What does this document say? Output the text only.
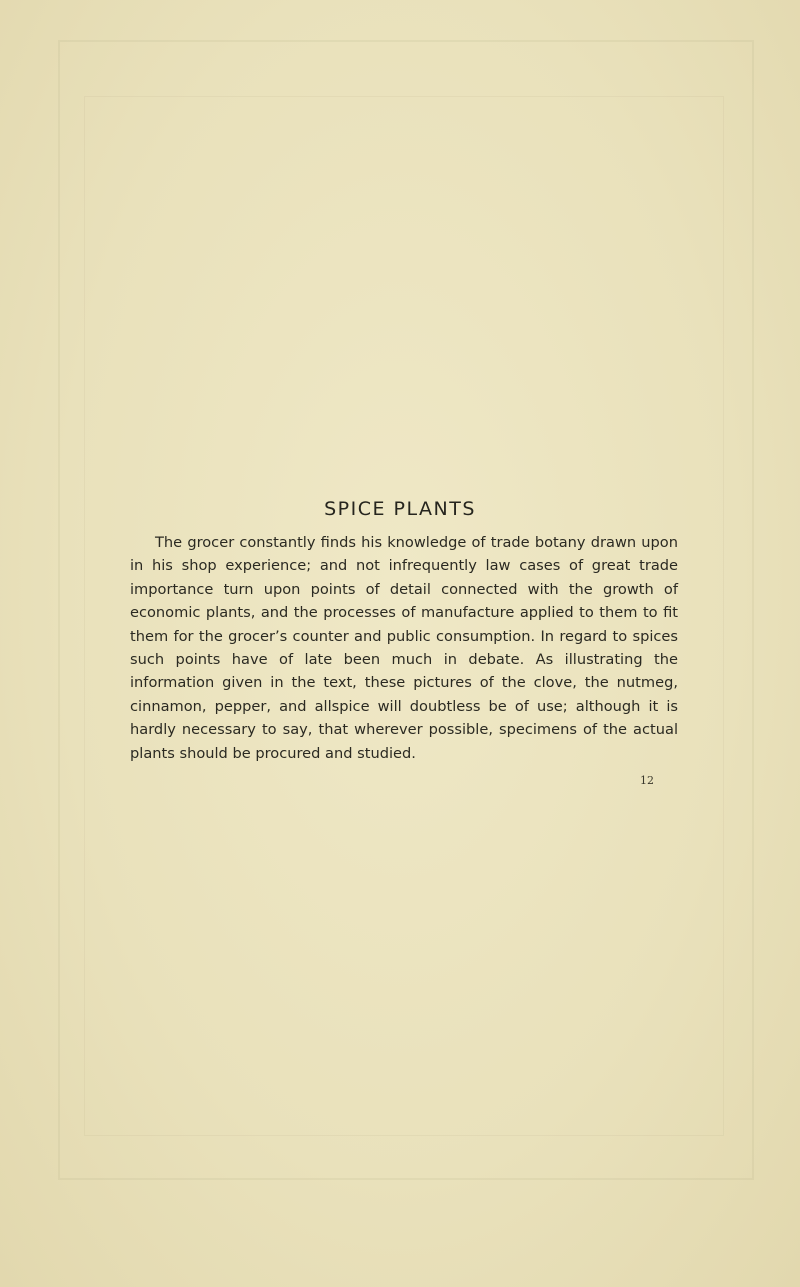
SPICE PLANTS

The grocer constantly finds his knowledge of trade botany drawn upon in his shop experience; and not infrequently law cases of great trade importance turn upon points of detail connected with the growth of economic plants, and the processes of manufacture applied to them to fit them for the grocer’s counter and public consumption. In regard to spices such points have of late been much in debate. As illustrating the information given in the text, these pictures of the clove, the nutmeg, cinnamon, pepper, and allspice will doubtless be of use; although it is hardly necessary to say, that wherever possible, specimens of the actual plants should be procured and studied.

12
